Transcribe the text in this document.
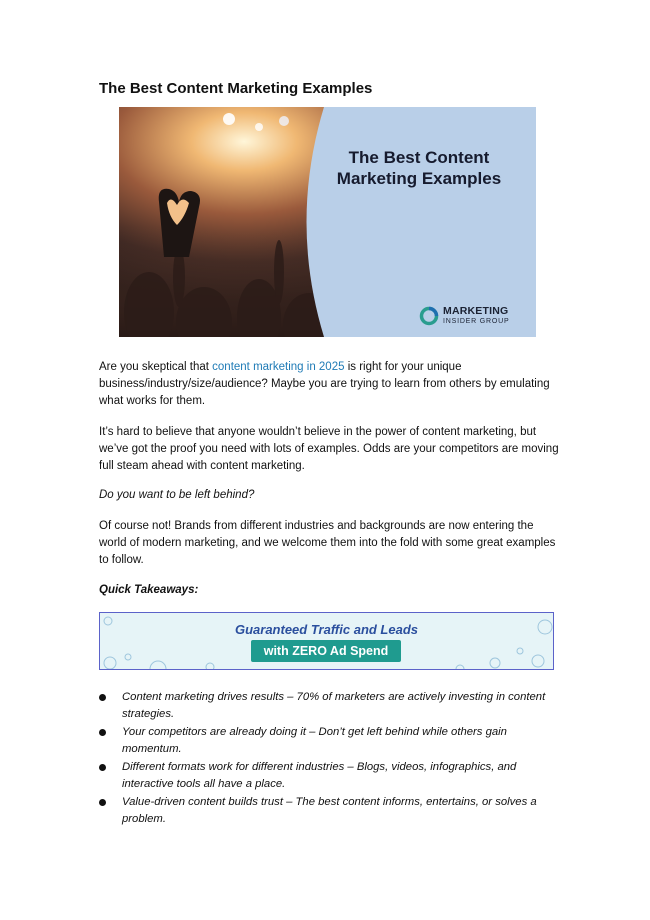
The Best Content Marketing Examples
The Best Content
Marketing Examples
MARKETING
INSIDER GROUP
Are you skeptical that content marketing in 2025 is right for your unique business/industry/size/audience? Maybe you are trying to learn from others by emulating what works for them.
It’s hard to believe that anyone wouldn’t believe in the power of content marketing, but we’ve got the proof you need with lots of examples. Odds are your competitors are moving full steam ahead with content marketing.
Do you want to be left behind?
Of course not! Brands from different industries and backgrounds are now entering the world of modern marketing, and we welcome them into the fold with some great examples to follow.
Quick Takeaways:
Guaranteed Traffic and Leads
with ZERO Ad Spend
Content marketing drives results – 70% of marketers are actively investing in content strategies.
Your competitors are already doing it – Don’t get left behind while others gain momentum.
Different formats work for different industries – Blogs, videos, infographics, and interactive tools all have a place.
Value-driven content builds trust – The best content informs, entertains, or solves a problem.
